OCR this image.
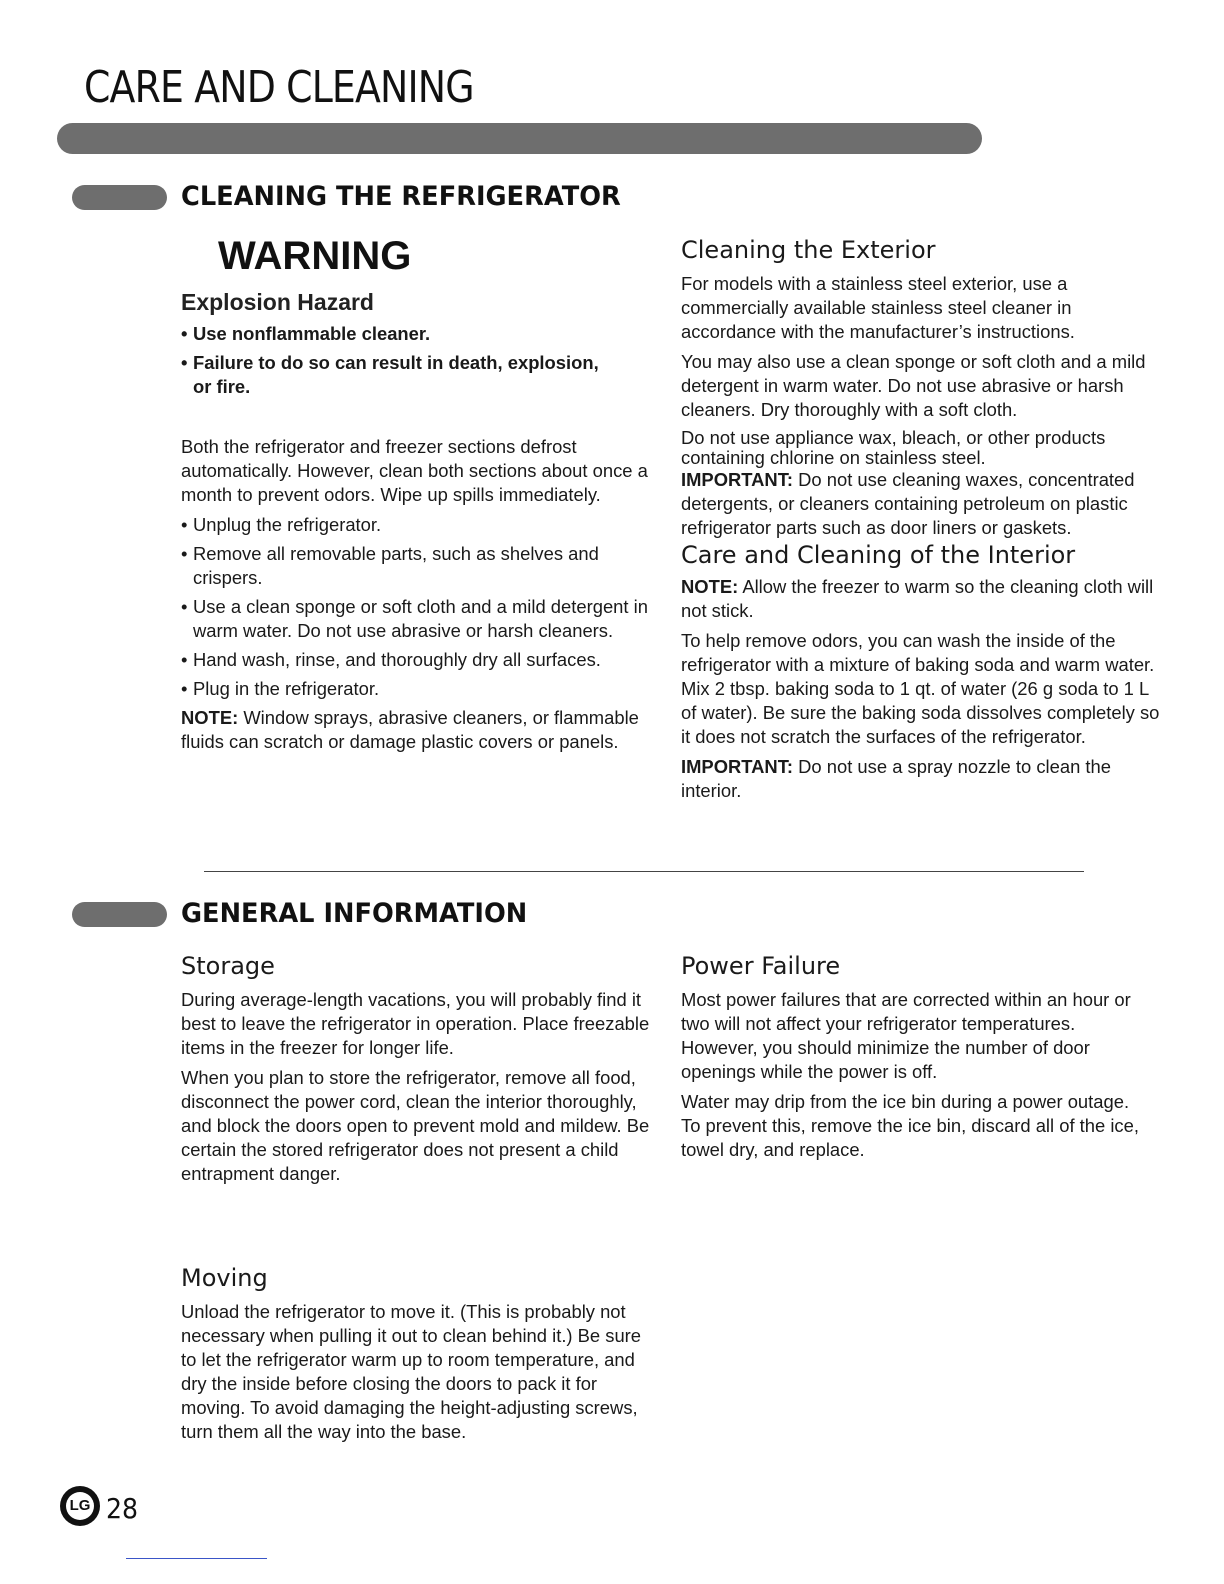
CARE AND CLEANING
CLEANING THE REFRIGERATOR
WARNING
Explosion Hazard
• Use nonflammable cleaner.
• Failure to do so can result in death, explosion, or fire.

Both the refrigerator and freezer sections defrost automatically. However, clean both sections about once a month to prevent odors. Wipe up spills immediately.

• Unplug the refrigerator.
• Remove all removable parts, such as shelves and crispers.
• Use a clean sponge or soft cloth and a mild detergent in warm water. Do not use abrasive or harsh cleaners.
• Hand wash, rinse, and thoroughly dry all surfaces.
• Plug in the refrigerator.

NOTE: Window sprays, abrasive cleaners, or flammable fluids can scratch or damage plastic covers or panels.

Cleaning the Exterior

For models with a stainless steel exterior, use a commercially available stainless steel cleaner in accordance with the manufacturer’s instructions.

You may also use a clean sponge or soft cloth and a mild detergent in warm water. Do not use abrasive or harsh cleaners. Dry thoroughly with a soft cloth.

Do not use appliance wax, bleach, or other products containing chlorine on stainless steel.

IMPORTANT: Do not use cleaning waxes, concentrated detergents, or cleaners containing petroleum on plastic refrigerator parts such as door liners or gaskets.

Care and Cleaning of the Interior

NOTE: Allow the freezer to warm so the cleaning cloth will not stick.

To help remove odors, you can wash the inside of the refrigerator with a mixture of baking soda and warm water. Mix 2 tbsp. baking soda to 1 qt. of water (26 g soda to 1 L of water). Be sure the baking soda dissolves completely so it does not scratch the surfaces of the refrigerator.

IMPORTANT: Do not use a spray nozzle to clean the interior.

GENERAL INFORMATION
Storage

During average-length vacations, you will probably find it best to leave the refrigerator in operation. Place freezable items in the freezer for longer life.

When you plan to store the refrigerator, remove all food, disconnect the power cord, clean the interior thoroughly, and block the doors open to prevent mold and mildew. Be certain the stored refrigerator does not present a child entrapment danger.

Moving

Unload the refrigerator to move it. (This is probably not necessary when pulling it out to clean behind it.) Be sure to let the refrigerator warm up to room temperature, and dry the inside before closing the doors to pack it for moving. To avoid damaging the height-adjusting screws, turn them all the way into the base.

Power Failure

Most power failures that are corrected within an hour or two will not affect your refrigerator temperatures. However, you should minimize the number of door openings while the power is off.

Water may drip from the ice bin during a power outage. To prevent this, remove the ice bin, discard all of the ice, towel dry, and replace.

LG 28
